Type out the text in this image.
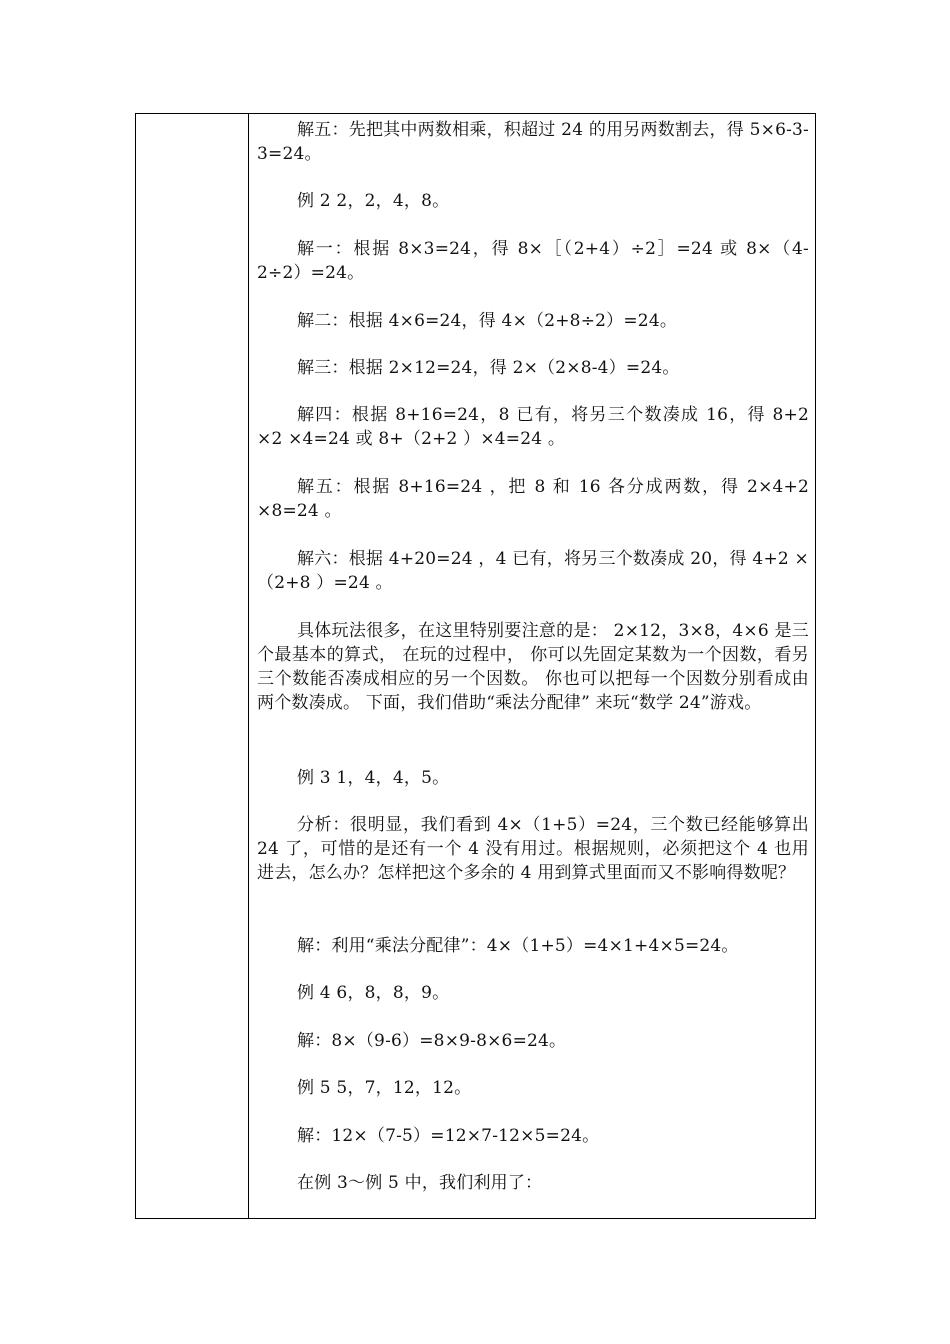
解五：先把其中两数相乘，积超过 24 的用另两数割去，得 5×6-3-3=24。

例 2 2，2，4，8。

解一：根据 8×3=24，得 8×［（2+4）÷2］=24 或 8×（4-2÷2）=24。

解二：根据 4×6=24，得 4×（2+8÷2）=24。

解三：根据 2×12=24，得 2×（2×8-4）=24。

解四：根据 8+16=24，8 已有，将另三个数凑成 16，得 8+2 ×2 ×4=24 或 8+（2+2 ）×4=24 。

解五：根据 8+16=24 ，把 8 和 16 各分成两数，得 2×4+2 ×8=24 。

解六：根据 4+20=24 ，4 已有，将另三个数凑成 20，得 4+2 ×（2+8 ）=24 。

具体玩法很多，在这里特别要注意的是： 2×12，3×8，4×6 是三个最基本的算式， 在玩的过程中， 你可以先固定某数为一个因数，看另三个数能否凑成相应的另一个因数。 你也可以把每一个因数分别看成由两个数凑成。 下面，我们借助“乘法分配律” 来玩“数学 24”游戏。

例 3 1，4，4，5。

分析：很明显，我们看到 4×（1+5）=24，三个数已经能够算出 24 了，可惜的是还有一个 4 没有用过。根据规则，必须把这个 4 也用进去，怎么办？怎样把这个多余的 4 用到算式里面而又不影响得数呢？

解：利用“乘法分配律”：4×（1+5）=4×1+4×5=24。

例 4 6，8，8，9。

解：8×（9-6）=8×9-8×6=24。

例 5 5，7，12，12。

解：12×（7-5）=12×7-12×5=24。

在例 3～例 5 中，我们利用了：
